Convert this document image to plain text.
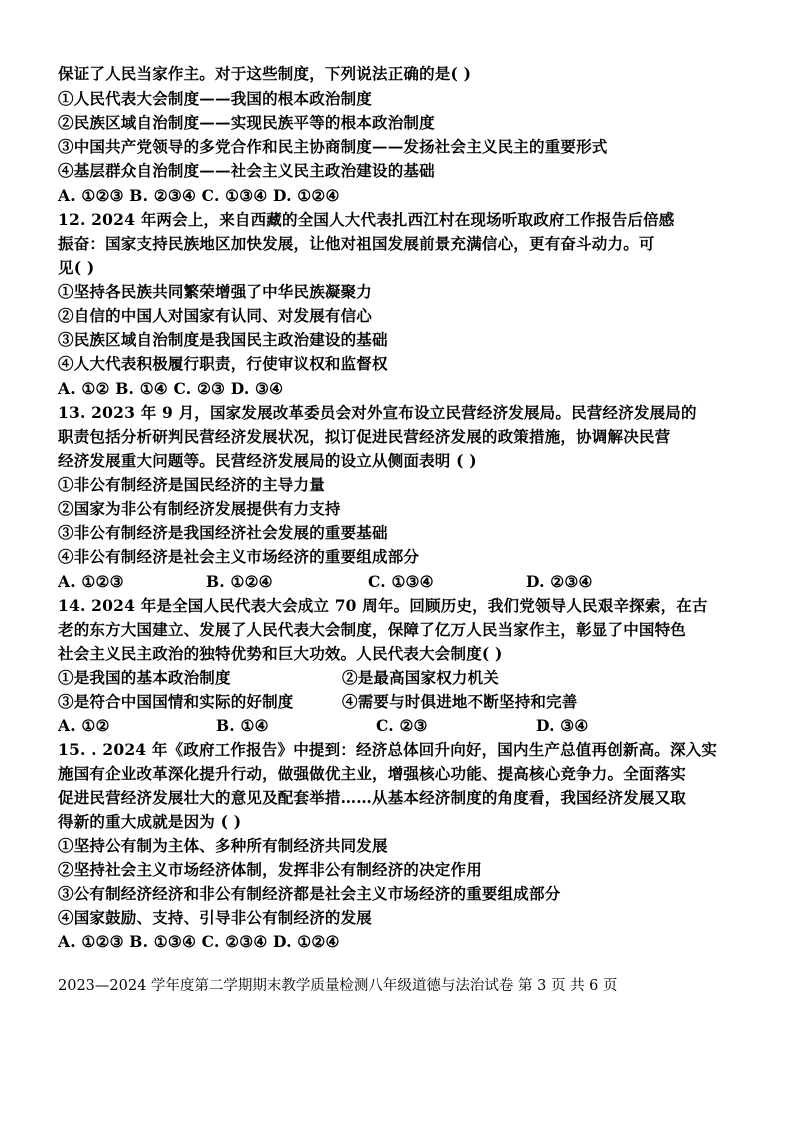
保证了人民当家作主。对于这些制度，下列说法正确的是( )
①人民代表大会制度——我国的根本政治制度
②民族区域自治制度——实现民族平等的根本政治制度
③中国共产党领导的多党合作和民主协商制度——发扬社会主义民主的重要形式
④基层群众自治制度——社会主义民主政治建设的基础
A. ①②③ B. ②③④ C. ①③④ D. ①②④
12. 2024 年两会上，来自西藏的全国人大代表扎西江村在现场听取政府工作报告后倍感
振奋：国家支持民族地区加快发展，让他对祖国发展前景充满信心，更有奋斗动力。可
见( )
①坚持各民族共同繁荣增强了中华民族凝聚力
②自信的中国人对国家有认同、对发展有信心
③民族区域自治制度是我国民主政治建设的基础
④人大代表积极履行职责，行使审议权和监督权
A. ①② B. ①④ C. ②③ D. ③④
13. 2023 年 9 月，国家发展改革委员会对外宣布设立民营经济发展局。民营经济发展局的
职责包括分析研判民营经济发展状况，拟订促进民营经济发展的政策措施，协调解决民营
经济发展重大问题等。民营经济发展局的设立从侧面表明 ( )
①非公有制经济是国民经济的主导力量
②国家为非公有制经济发展提供有力支持
③非公有制经济是我国经济社会发展的重要基础
④非公有制经济是社会主义市场经济的重要组成部分
A. ①②③	B. ①②④	C. ①③④	D. ②③④
14. 2024 年是全国人民代表大会成立 70 周年。回顾历史，我们党领导人民艰辛探索，在古
老的东方大国建立、发展了人民代表大会制度，保障了亿万人民当家作主，彰显了中国特色
社会主义民主政治的独特优势和巨大功效。人民代表大会制度( )
①是我国的基本政治制度	②是最高国家权力机关
③是符合中国国情和实际的好制度	④需要与时俱进地不断坚持和完善
A. ①②	B. ①④	C. ②③	D. ③④
15. . 2024 年《政府工作报告》中提到：经济总体回升向好，国内生产总值再创新高。深入实
施国有企业改革深化提升行动，做强做优主业，增强核心功能、提高核心竞争力。全面落实
促进民营经济发展壮大的意见及配套举措……从基本经济制度的角度看，我国经济发展又取
得新的重大成就是因为 ( )
①坚持公有制为主体、多种所有制经济共同发展
②坚持社会主义市场经济体制，发挥非公有制经济的决定作用
③公有制经济经济和非公有制经济都是社会主义市场经济的重要组成部分
④国家鼓励、支持、引导非公有制经济的发展
A. ①②③ B. ①③④ C. ②③④ D. ①②④
2023—2024 学年度第二学期期末教学质量检测八年级道德与法治试卷 第 3 页 共 6 页
